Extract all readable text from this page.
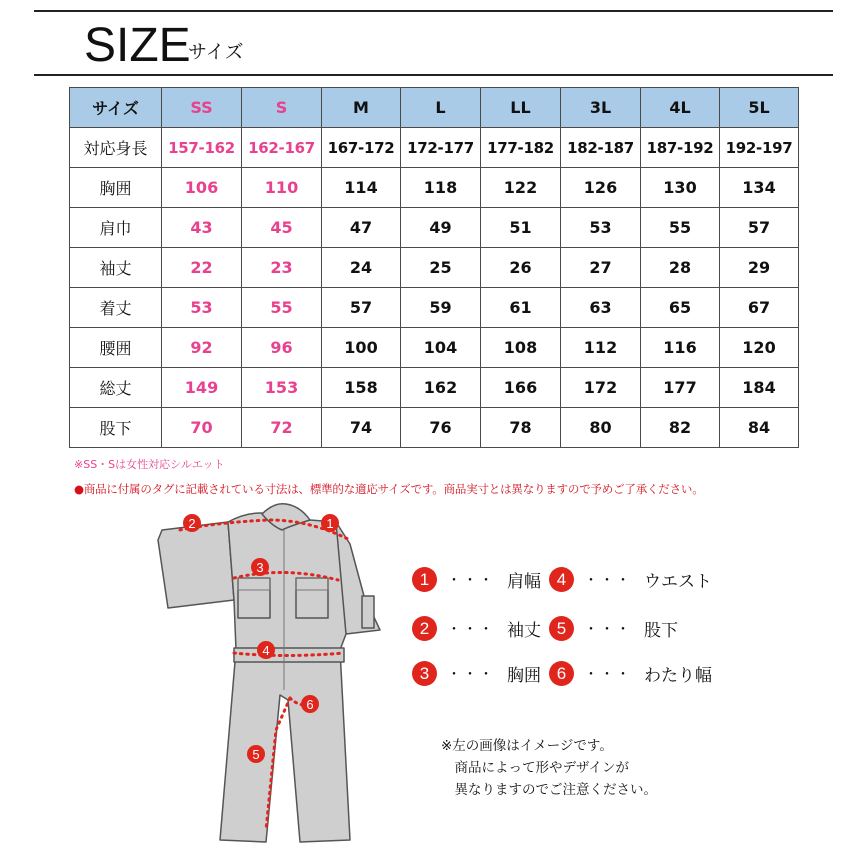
SIZE
サイズ
サイズ	SS	S	M	L	LL	3L	4L	5L
対応身長	157-162	162-167	167-172	172-177	177-182	182-187	187-192	192-197
胸囲	106	110	114	118	122	126	130	134
肩巾	43	45	47	49	51	53	55	57
袖丈	22	23	24	25	26	27	28	29
着丈	53	55	57	59	61	63	65	67
腰囲	92	96	100	104	108	112	116	120
総丈	149	153	158	162	166	172	177	184
股下	70	72	74	76	78	80	82	84
※SS・Sは女性対応シルエット
●商品に付属のタグに記載されている寸法は、標準的な適応サイズです。商品実寸とは異なりますので予めご了承ください。
1
2
3
4
5
6
1	・・・ 肩幅
2	・・・ 袖丈
3	・・・ 胸囲
4	・・・ ウエスト
5	・・・ 股下
6	・・・ わたり幅
※左の画像はイメージです。
　商品によって形やデザインが
　異なりますのでご注意ください。
